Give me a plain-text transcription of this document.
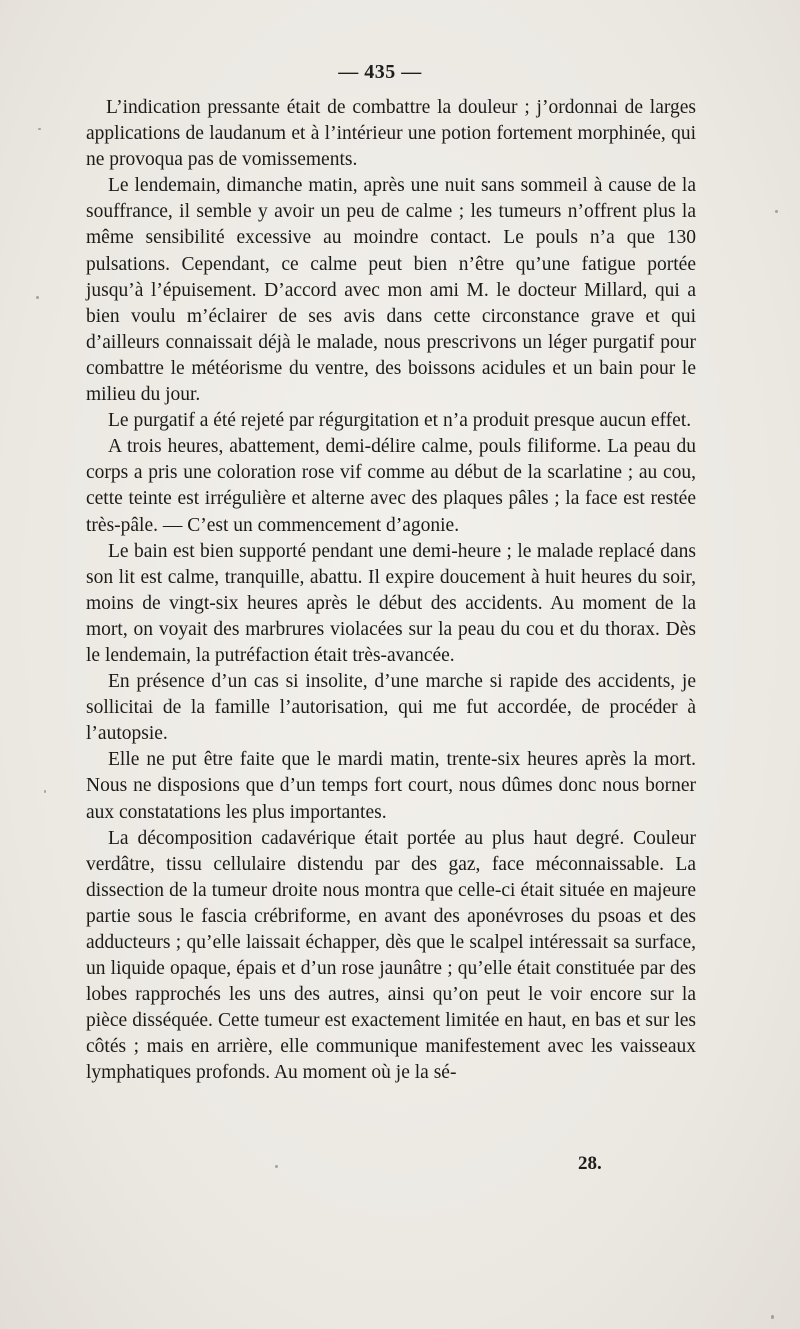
— 435 —

L’indication pressante était de combattre la douleur ; j’ordonnai de larges applications de laudanum et à l’intérieur une potion fortement morphinée, qui ne provoqua pas de vomissements.

Le lendemain, dimanche matin, après une nuit sans sommeil à cause de la souffrance, il semble y avoir un peu de calme ; les tumeurs n’offrent plus la même sensibilité excessive au moindre contact. Le pouls n’a que 130 pulsations. Cependant, ce calme peut bien n’être qu’une fatigue portée jusqu’à l’épuisement. D’accord avec mon ami M. le docteur Millard, qui a bien voulu m’éclairer de ses avis dans cette circonstance grave et qui d’ailleurs connaissait déjà le malade, nous prescrivons un léger purgatif pour combattre le météorisme du ventre, des boissons acidules et un bain pour le milieu du jour.

Le purgatif a été rejeté par régurgitation et n’a produit presque aucun effet.

A trois heures, abattement, demi-délire calme, pouls filiforme. La peau du corps a pris une coloration rose vif comme au début de la scarlatine ; au cou, cette teinte est irrégulière et alterne avec des plaques pâles ; la face est restée très-pâle. — C’est un commencement d’agonie.

Le bain est bien supporté pendant une demi-heure ; le malade replacé dans son lit est calme, tranquille, abattu. Il expire doucement à huit heures du soir, moins de vingt-six heures après le début des accidents. Au moment de la mort, on voyait des marbrures violacées sur la peau du cou et du thorax. Dès le lendemain, la putréfaction était très-avancée.

En présence d’un cas si insolite, d’une marche si rapide des accidents, je sollicitai de la famille l’autorisation, qui me fut accordée, de procéder à l’autopsie.

Elle ne put être faite que le mardi matin, trente-six heures après la mort. Nous ne disposions que d’un temps fort court, nous dûmes donc nous borner aux constatations les plus importantes.

La décomposition cadavérique était portée au plus haut degré. Couleur verdâtre, tissu cellulaire distendu par des gaz, face méconnaissable. La dissection de la tumeur droite nous montra que celle-ci était située en majeure partie sous le fascia crébriforme, en avant des aponévroses du psoas et des adducteurs ; qu’elle laissait échapper, dès que le scalpel intéressait sa surface, un liquide opaque, épais et d’un rose jaunâtre ; qu’elle était constituée par des lobes rapprochés les uns des autres, ainsi qu’on peut le voir encore sur la pièce disséquée. Cette tumeur est exactement limitée en haut, en bas et sur les côtés ; mais en arrière, elle communique manifestement avec les vaisseaux lymphatiques profonds. Au moment où je la sé-

28.
